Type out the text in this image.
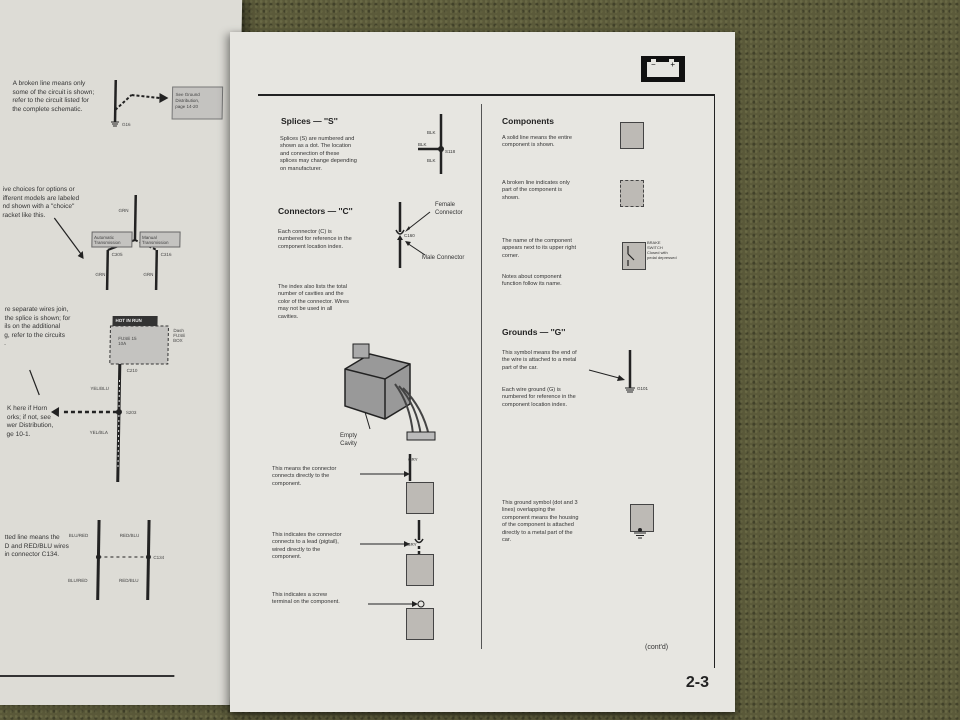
A broken line means only
some of the circuit is shown;
refer to the circuit listed for
the complete schematic.
G16
See Ground
Distribution,
page 14-20
ive choices for options or
ifferent models are labeled
nd shown with a "choice"
racket like this.
GRN
Automatic Transmission
Manual Transmission
C305	C316
GRN	GRN
re separate wires join,
the splice is shown; for
ils on the additional
g, refer to the circuits
.
HOT IN RUN
FUSE 15
10A
Dash
FUSE
BOX
C210
YEL/BLU
S203
YEL/BLA
K here if Horn
orks; if not, see
wer Distribution,
ge 10-1.
tted line means the
D and RED/BLU wires
in connector C134.
BLU/RED	RED/BLU
BLU/RED	RED/BLU
C134
− +
Splices — ''S''
Splices (S) are numbered and
shown as a dot. The location
and connection of these
splices may change depending
on manufacturer.
BLK
BLK
BLK
S118
Connectors — ''C''
Each connector (C) is
numbered for reference in the
component location index.
Female
Connector
Male Connector
C160
The index also lists the total
number of cavities and the
color of the connector. Wires
may not be used in all
cavities.
Empty
Cavity
This means the connector
connects directly to the
component.
GRY
This indicates the connector
connects to a lead (pigtail),
wired directly to the
component.
GRY
This indicates a screw
terminal on the component.
Components
A solid line means the entire
component is shown.
A broken line indicates only
part of the component is
shown.
The name of the component
appears next to its upper right
corner.
BRAKE
SWITCH
Closed with
pedal depressed
Notes about component
function follow its name.
Grounds — ''G''
This symbol means the end of
the wire is attached to a metal
part of the car.
G101
Each wire ground (G) is
numbered for reference in the
component location index.
This ground symbol (dot and 3
lines) overlapping the
component means the housing
of the component is attached
directly to a metal part of the
car.
(cont'd)
2-3
